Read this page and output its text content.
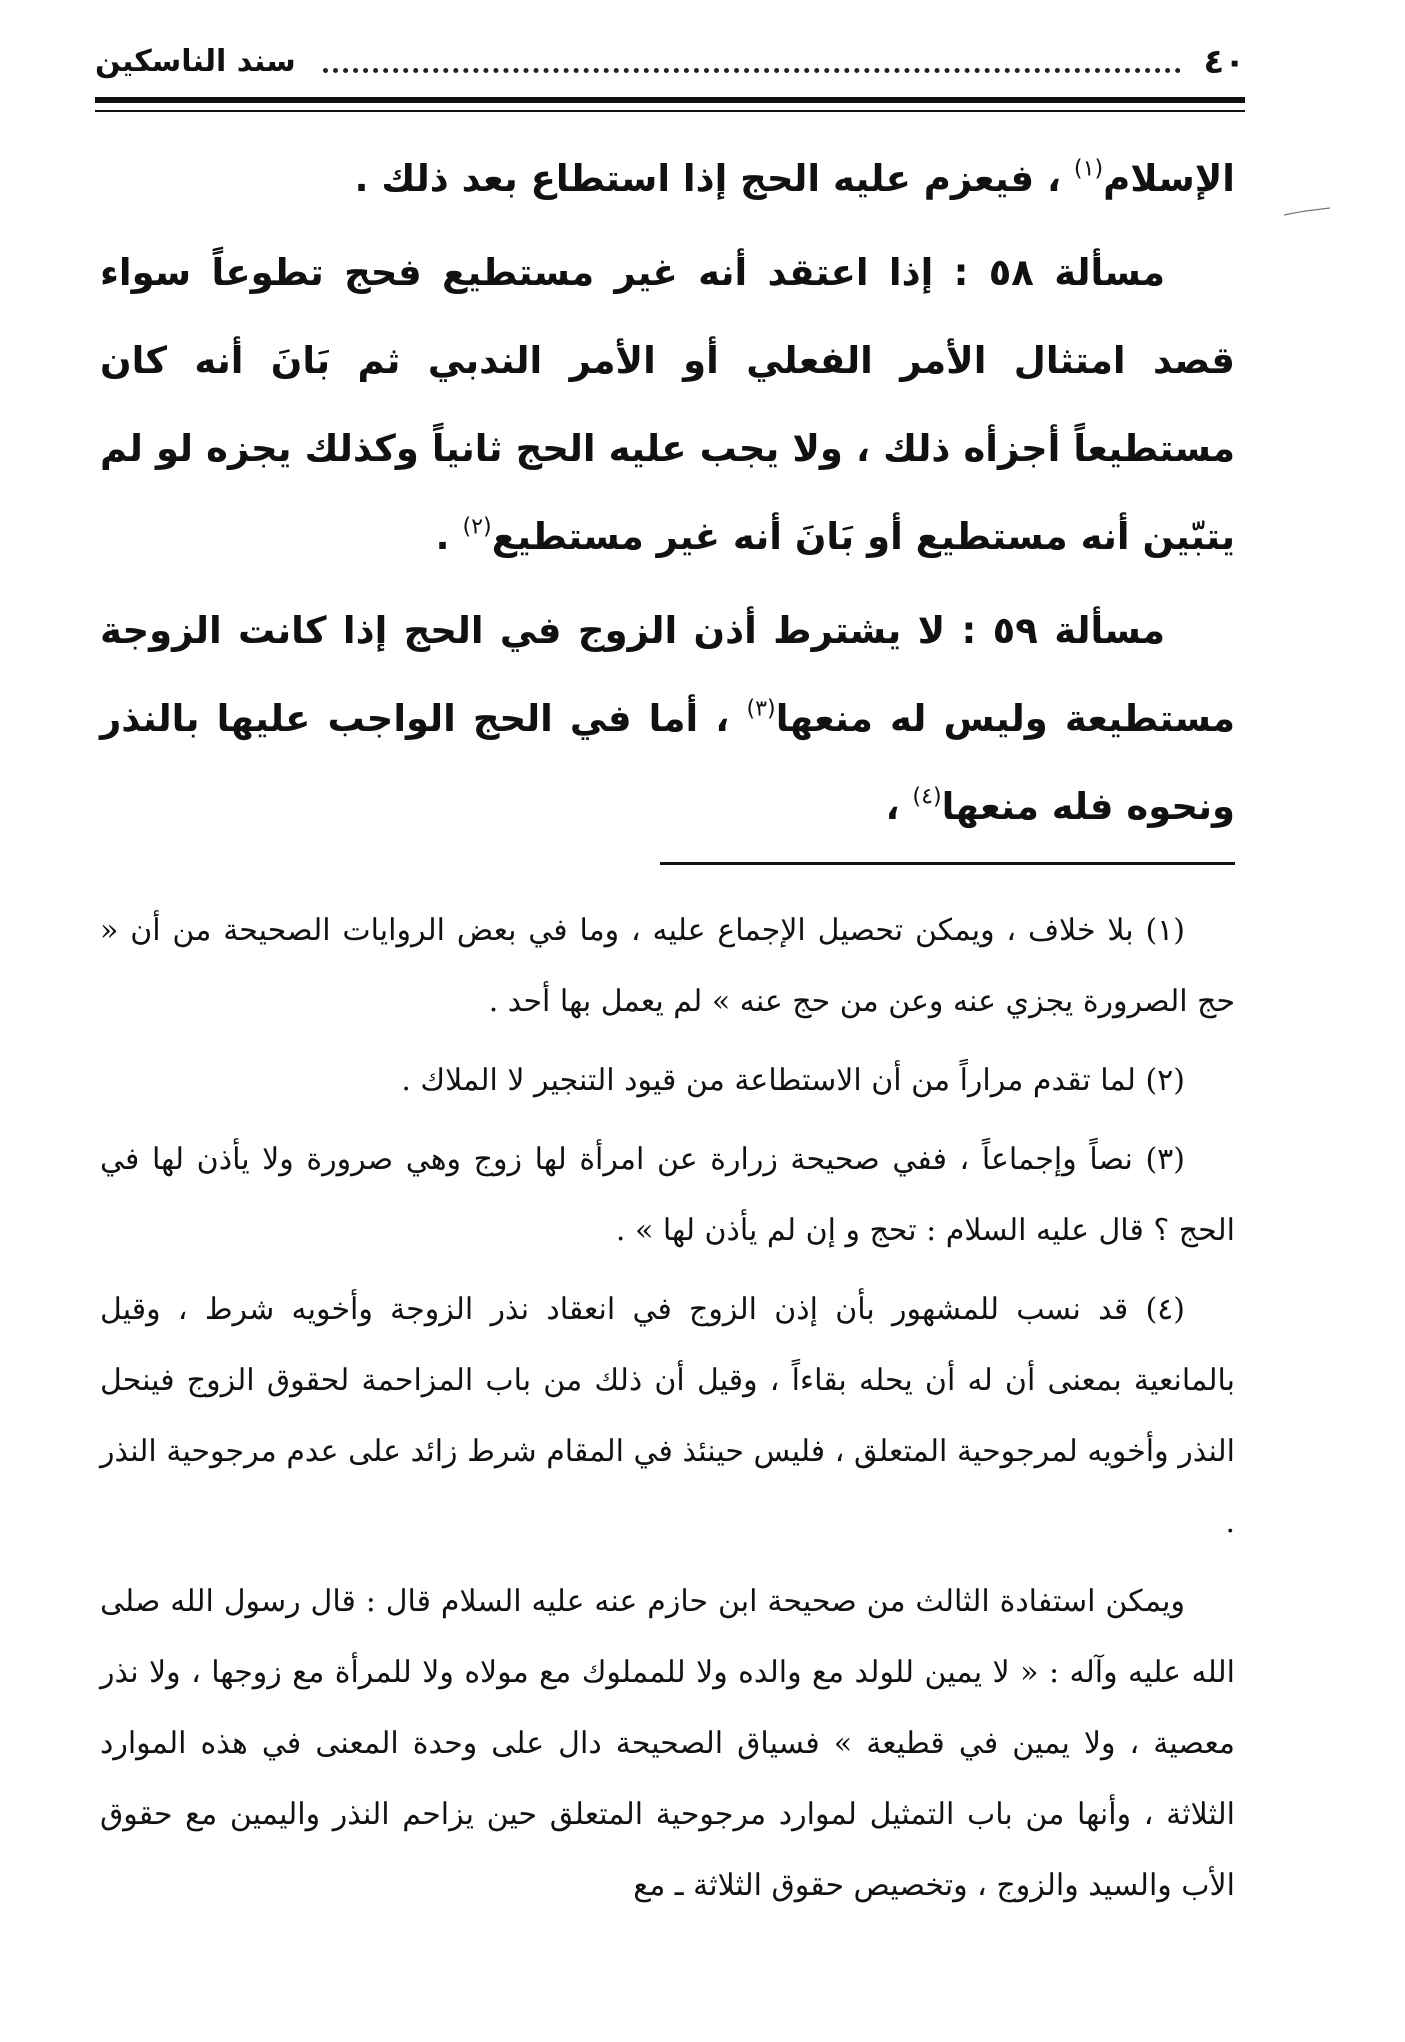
٤٠
سند الناسكين

الإسلام$^{(١)}$ ، فيعزم عليه الحج إذا استطاع بعد ذلك .

مسألة ٥٨ : إذا اعتقد أنه غير مستطيع فحج تطوعاً سواء قصد امتثال الأمر الفعلي أو الأمر الندبي ثم بَانَ أنه كان مستطيعاً أجزأه ذلك ، ولا يجب عليه الحج ثانياً وكذلك يجزه لو لم يتبّين أنه مستطيع أو بَانَ أنه غير مستطيع$^{(٢)}$ .

مسألة ٥٩ : لا يشترط أذن الزوج في الحج إذا كانت الزوجة مستطيعة وليس له منعها$^{(٣)}$ ، أما في الحج الواجب عليها بالنذر ونحوه فله منعها$^{(٤)}$ ،

(١) بلا خلاف ، ويمكن تحصيل الإجماع عليه ، وما في بعض الروايات الصحيحة من أن « حج الصرورة يجزي عنه وعن من حج عنه » لم يعمل بها أحد .

(٢) لما تقدم مراراً من أن الاستطاعة من قيود التنجير لا الملاك .

(٣) نصاً وإجماعاً ، ففي صحيحة زرارة عن امرأة لها زوج وهي صرورة ولا يأذن لها في الحج ؟ قال عليه السلام : تحج و إن لم يأذن لها » .

(٤) قد نسب للمشهور بأن إذن الزوج في انعقاد نذر الزوجة وأخويه شرط ، وقيل بالمانعية بمعنى أن له أن يحله بقاءاً ، وقيل أن ذلك من باب المزاحمة لحقوق الزوج فينحل النذر وأخويه لمرجوحية المتعلق ، فليس حينئذ في المقام شرط زائد على عدم مرجوحية النذر .

ويمكن استفادة الثالث من صحيحة ابن حازم عنه عليه السلام قال : قال رسول الله صلى الله عليه وآله : « لا يمين للولد مع والده ولا للمملوك مع مولاه ولا للمرأة مع زوجها ، ولا نذر معصية ، ولا يمين في قطيعة » فسياق الصحيحة دال على وحدة المعنى في هذه الموارد الثلاثة ، وأنها من باب التمثيل لموارد مرجوحية المتعلق حين يزاحم النذر واليمين مع حقوق الأب والسيد والزوج ، وتخصيص حقوق الثلاثة ـ مع
